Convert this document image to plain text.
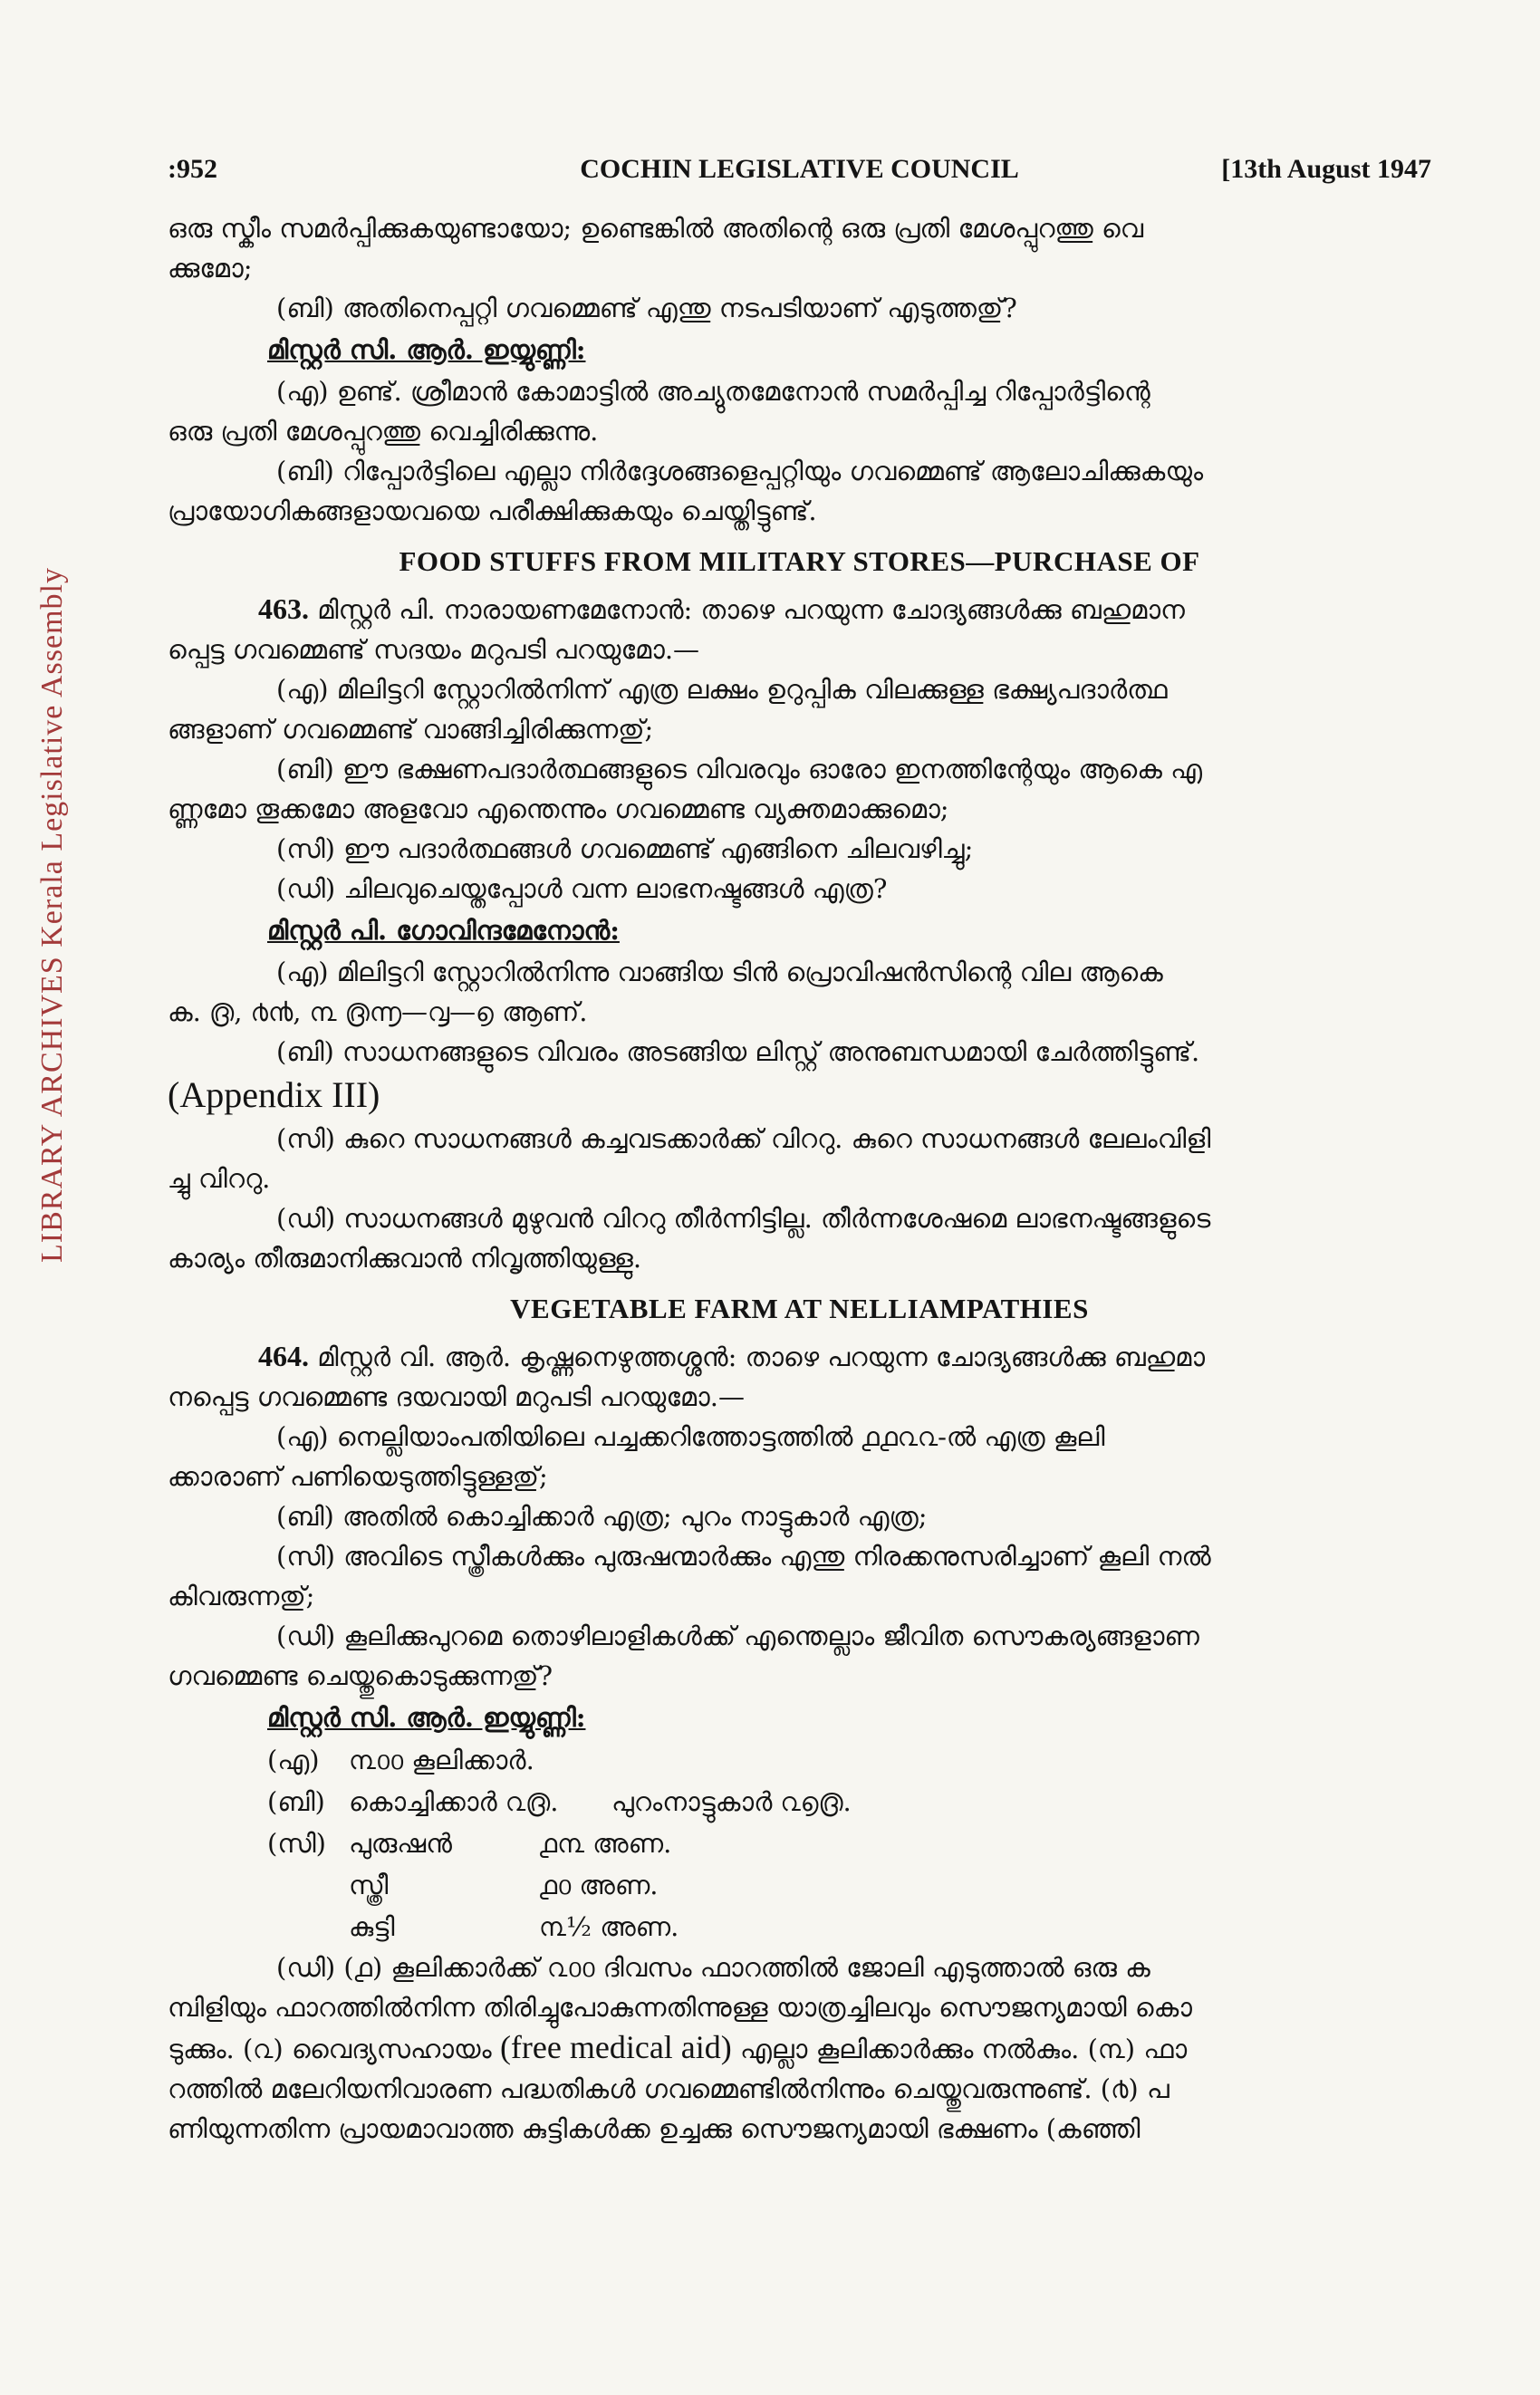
LIBRARY ARCHIVES Kerala Legislative Assembly
:952	COCHIN LEGISLATIVE COUNCIL	[13th August 1947

ഒരു സ്കീം സമർപ്പിക്കുകയുണ്ടായോ; ഉണ്ടെങ്കിൽ അതിന്റെ ഒരു പ്രതി മേശപ്പുറത്തു വെ

ക്കുമോ;

(ബി) അതിനെപ്പറ്റി ഗവമ്മെണ്ട് എന്തു നടപടിയാണ് എടുത്തതു്?

മിസ്റ്റർ സി. ആർ. ഇയ്യുണ്ണി:

(എ) ഉണ്ട്. ശ്രീമാൻ കോമാട്ടിൽ അച്യുതമേനോൻ സമർപ്പിച്ച റിപ്പോർട്ടിന്റെ

ഒരു പ്രതി മേശപ്പുറത്തു വെച്ചിരിക്കുന്നു.

(ബി) റിപ്പോർട്ടിലെ എല്ലാ നിർദ്ദേശങ്ങളെപ്പറ്റിയും ഗവമ്മെണ്ട് ആലോചിക്കുകയും

പ്രായോഗികങ്ങളായവയെ പരീക്ഷിക്കുകയും ചെയ്തിട്ടുണ്ട്.

FOOD STUFFS FROM MILITARY STORES—PURCHASE OF

463. മിസ്റ്റർ പി. നാരായണമേനോൻ: താഴെ പറയുന്ന ചോദ്യങ്ങൾക്കു ബഹുമാന

പ്പെട്ട ഗവമ്മെണ്ട് സദയം മറുപടി പറയുമോ.—

(എ) മിലിട്ടറി സ്റ്റോറിൽനിന്ന് എത്ര ലക്ഷം ഉറുപ്പിക വിലക്കുള്ള ഭക്ഷ്യപദാർത്ഥ

ങ്ങളാണ് ഗവമ്മെണ്ട് വാങ്ങിച്ചിരിക്കുന്നതു്;

(ബി) ഈ ഭക്ഷണപദാർത്ഥങ്ങളുടെ വിവരവും ഓരോ ഇനത്തിന്റേയും ആകെ എ

ണ്ണമോ തൂക്കമോ അളവോ എന്തെന്നും ഗവമ്മെണ്ട വ്യക്തമാക്കുമൊ;

(സി) ഈ പദാർത്ഥങ്ങൾ ഗവമ്മെണ്ട് എങ്ങിനെ ചിലവഴിച്ചു;

(ഡി) ചിലവുചെയ്തപ്പോൾ വന്ന ലാഭനഷ്ടങ്ങൾ എത്ര?

മിസ്റ്റർ പി. ഗോവിന്ദമേനോൻ:

(എ) മിലിട്ടറി സ്റ്റോറിൽനിന്നു വാങ്ങിയ ടിൻ പ്രൊവിഷൻസിന്റെ വില ആകെ

ക. ൫, ൪൯, ൩ ൫൬—൮—൭ ആണ്.

(ബി) സാധനങ്ങളുടെ വിവരം അടങ്ങിയ ലിസ്റ്റ് അനുബന്ധമായി ചേർത്തിട്ടുണ്ട്.

(Appendix III)

(സി) കുറെ സാധനങ്ങൾ കച്ചവടക്കാർക്ക് വിററു. കുറെ സാധനങ്ങൾ ലേലംവിളി

ച്ചു വിററു.

(ഡി) സാധനങ്ങൾ മുഴുവൻ വിററു തീർന്നിട്ടില്ല. തീർന്നശേഷമെ ലാഭനഷ്ടങ്ങളുടെ

കാര്യം തീരുമാനിക്കുവാൻ നിവൃത്തിയുള്ളു.

VEGETABLE FARM AT NELLIAMPATHIES

464. മിസ്റ്റർ വി. ആർ. കൃഷ്ണനെഴുത്തശ്ശൻ: താഴെ പറയുന്ന ചോദ്യങ്ങൾക്കു ബഹുമാ

നപ്പെട്ട ഗവമ്മെണ്ട ദയവായി മറുപടി പറയുമോ.—

(എ) നെല്ലിയാംപതിയിലെ പച്ചക്കറിത്തോട്ടത്തിൽ ൧൧൨൨-ൽ എത്ര കൂലി

ക്കാരാണ് പണിയെടുത്തിട്ടുള്ളതു്;

(ബി) അതിൽ കൊച്ചിക്കാർ എത്ര; പുറം നാട്ടുകാർ എത്ര;

(സി) അവിടെ സ്ത്രീകൾക്കും പുരുഷന്മാർക്കും എന്തു നിരക്കനുസരിച്ചാണ് കൂലി നൽ

കിവരുന്നതു്;

(ഡി) കൂലിക്കുപുറമെ തൊഴിലാളികൾക്ക് എന്തെല്ലാം ജീവിത സൌകര്യങ്ങളാണ

ഗവമ്മെണ്ട ചെയ്തുകൊടുക്കുന്നതു്?

മിസ്റ്റർ സി. ആർ. ഇയ്യുണ്ണി:
(എ)	൩൦൦ കൂലിക്കാർ.
(ബി) കൊച്ചിക്കാർ ൨൫.	പുറംനാട്ടുകാർ ൨൭൫.
(സി) പുരുഷൻ	൧൩ അണ.
സ്ത്രീ	൧൦ അണ.
കുട്ടി	൩½ അണ.

(ഡി) (൧) കൂലിക്കാർക്ക് ൨൦൦ ദിവസം ഫാറത്തിൽ ജോലി എടുത്താൽ ഒരു ക

മ്പിളിയും ഫാറത്തിൽനിന്ന തിരിച്ചുപോകുന്നതിന്നുള്ള യാത്രച്ചിലവും സൌജന്യമായി കൊ

ടുക്കും. (൨) വൈദ്യസഹായം (free medical aid) എല്ലാ കൂലിക്കാർക്കും നൽകും. (൩) ഫാ

റത്തിൽ മലേറിയനിവാരണ പദ്ധതികൾ ഗവമ്മെണ്ടിൽനിന്നും ചെയ്തുവരുന്നുണ്ട്. (൪) പ

ണിയുന്നതിന്ന പ്രായമാവാത്ത കുട്ടികൾക്ക ഉച്ചക്കു സൌജന്യമായി ഭക്ഷണം (കഞ്ഞി
